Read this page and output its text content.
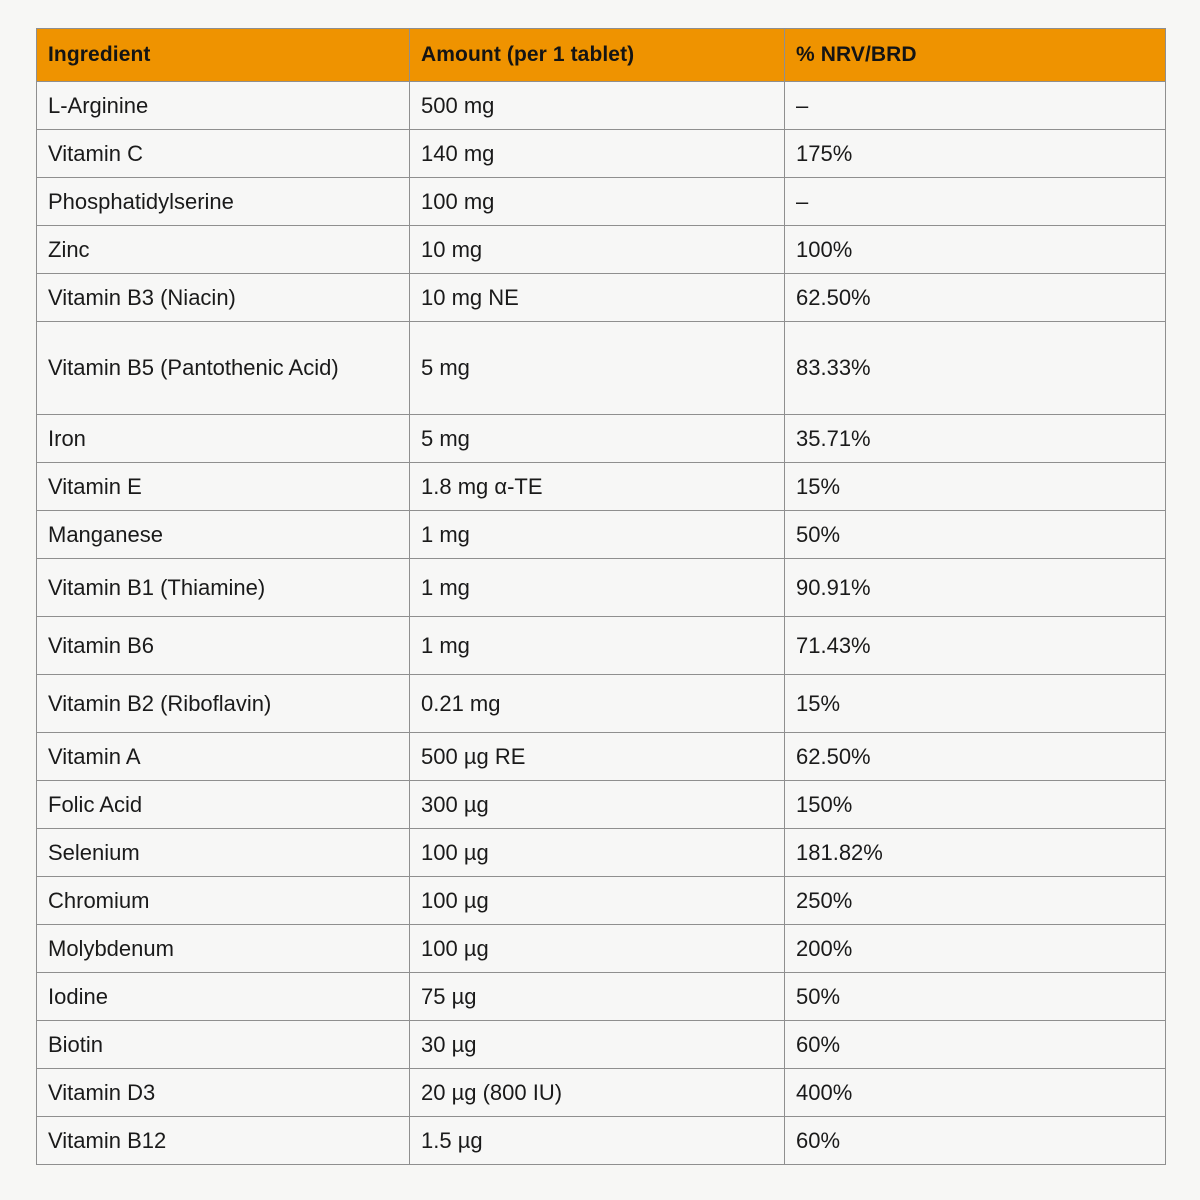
Ingredient	Amount (per 1 tablet)	% NRV/BRD
L-Arginine	500 mg	–
Vitamin C	140 mg	175%
Phosphatidylserine	100 mg	–
Zinc	10 mg	100%
Vitamin B3 (Niacin)	10 mg NE	62.50%
Vitamin B5 (Pantothenic Acid)	5 mg	83.33%
Iron	5 mg	35.71%
Vitamin E	1.8 mg α-TE	15%
Manganese	1 mg	50%
Vitamin B1 (Thiamine)	1 mg	90.91%
Vitamin B6	1 mg	71.43%
Vitamin B2 (Riboflavin)	0.21 mg	15%
Vitamin A	500 µg RE	62.50%
Folic Acid	300 µg	150%
Selenium	100 µg	181.82%
Chromium	100 µg	250%
Molybdenum	100 µg	200%
Iodine	75 µg	50%
Biotin	30 µg	60%
Vitamin D3	20 µg (800 IU)	400%
Vitamin B12	1.5 µg	60%
